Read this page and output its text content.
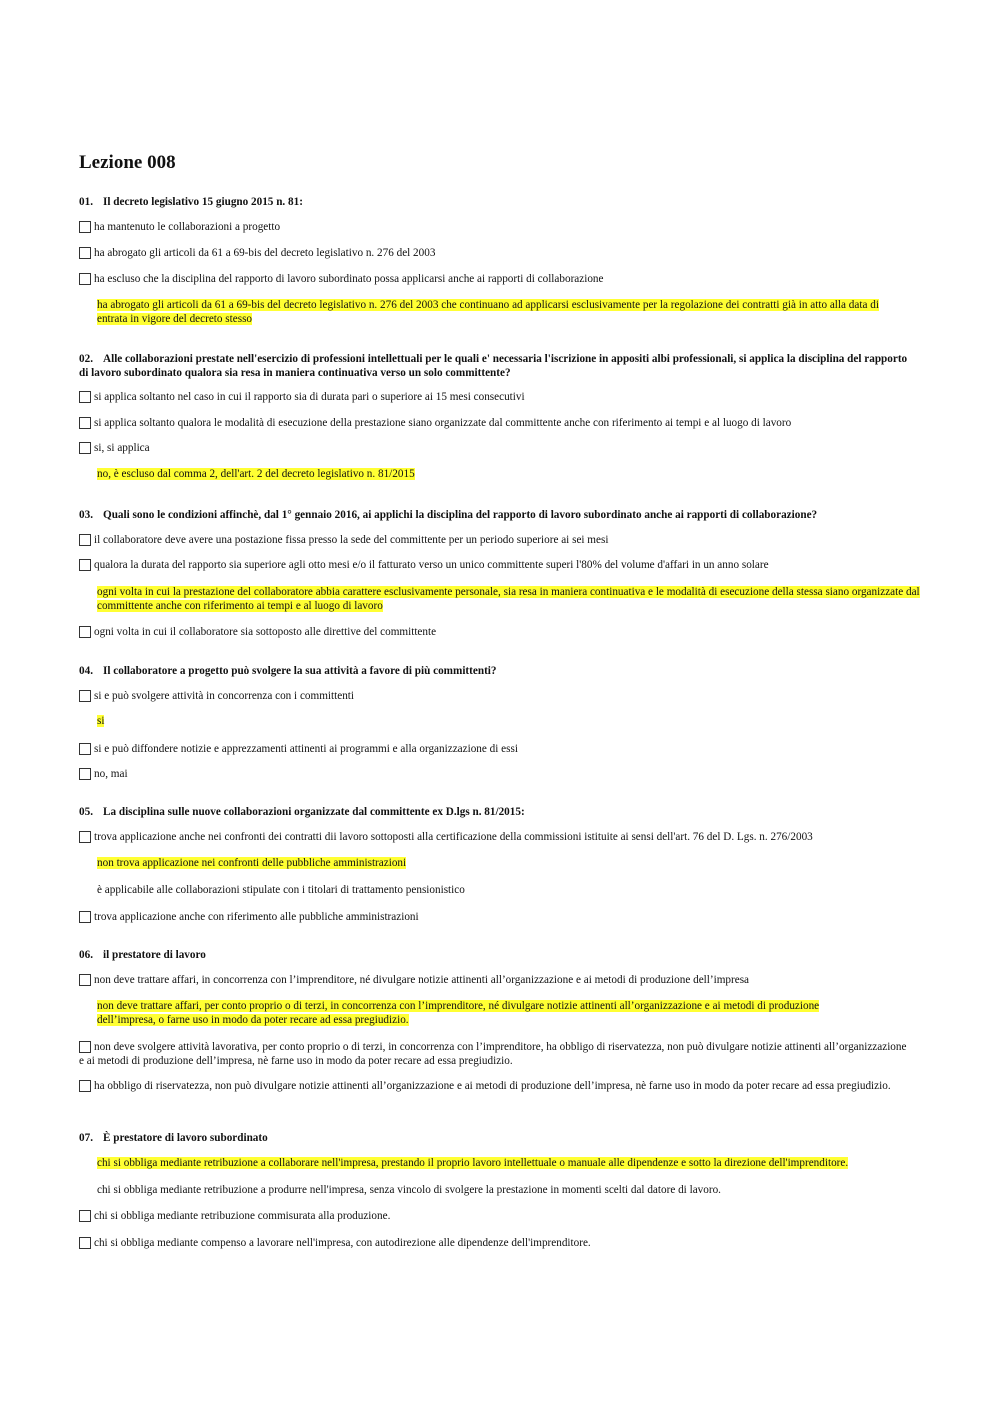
Lezione 008
01. Il decreto legislativo 15 giugno 2015 n. 81:
ha mantenuto le collaborazioni a progetto
ha abrogato gli articoli da 61 a 69-bis del decreto legislativo n. 276 del 2003
ha escluso che la disciplina del rapporto di lavoro subordinato possa applicarsi anche ai rapporti di collaborazione
ha abrogato gli articoli da 61 a 69-bis del decreto legislativo n. 276 del 2003 che continuano ad applicarsi esclusivamente per la regolazione dei contratti già in atto alla data di entrata in vigore del decreto stesso
02. Alle collaborazioni prestate nell'esercizio di professioni intellettuali per le quali e' necessaria l'iscrizione in appositi albi professionali, si applica la disciplina del rapporto di lavoro subordinato qualora sia resa in maniera continuativa verso un solo committente?
si applica soltanto nel caso in cui il rapporto sia di durata pari o superiore ai 15 mesi consecutivi
si applica soltanto qualora le modalità di esecuzione della prestazione siano organizzate dal committente anche con riferimento ai tempi e al luogo di lavoro
si, si applica
no, è escluso dal comma 2, dell'art. 2 del decreto legislativo n. 81/2015
03. Quali sono le condizioni affinchè, dal 1° gennaio 2016, ai applichi la disciplina del rapporto di lavoro subordinato anche ai rapporti di collaborazione?
il collaboratore deve avere una postazione fissa presso la sede del committente per un periodo superiore ai sei mesi
qualora la durata del rapporto sia superiore agli otto mesi e/o il fatturato verso un unico committente superi l'80% del volume d'affari in un anno solare
ogni volta in cui la prestazione del collaboratore abbia carattere esclusivamente personale, sia resa in maniera continuativa e le modalità di esecuzione della stessa siano organizzate dal committente anche con riferimento ai tempi e al luogo di lavoro
ogni volta in cui il collaboratore sia sottoposto alle direttive del committente
04. Il collaboratore a progetto può svolgere la sua attività a favore di più committenti?
si e può svolgere attività in concorrenza con i committenti
si
si e può diffondere notizie e apprezzamenti attinenti ai programmi e alla organizzazione di essi
no, mai
05. La disciplina sulle nuove collaborazioni organizzate dal committente ex D.lgs n. 81/2015:
trova applicazione anche nei confronti dei contratti dii lavoro sottoposti alla certificazione della commissioni istituite ai sensi dell'art. 76 del D. Lgs. n. 276/2003
non trova applicazione nei confronti delle pubbliche amministrazioni
è applicabile alle collaborazioni stipulate con i titolari di trattamento pensionistico
trova applicazione anche con riferimento alle pubbliche amministrazioni
06. il prestatore di lavoro
non deve trattare affari, in concorrenza con l’imprenditore, né divulgare notizie attinenti all’organizzazione e ai metodi di produzione dell’impresa
non deve trattare affari, per conto proprio o di terzi, in concorrenza con l’imprenditore, né divulgare notizie attinenti all’organizzazione e ai metodi di produzione dell’impresa, o farne uso in modo da poter recare ad essa pregiudizio.
non deve svolgere attività lavorativa, per conto proprio o di terzi, in concorrenza con l’imprenditore, ha obbligo di riservatezza, non può divulgare notizie attinenti all’organizzazione e ai metodi di produzione dell’impresa, nè farne uso in modo da poter recare ad essa pregiudizio.
ha obbligo di riservatezza, non può divulgare notizie attinenti all’organizzazione e ai metodi di produzione dell’impresa, nè farne uso in modo da poter recare ad essa pregiudizio.
07. È prestatore di lavoro subordinato
chi si obbliga mediante retribuzione a collaborare nell'impresa, prestando il proprio lavoro intellettuale o manuale alle dipendenze e sotto la direzione dell'imprenditore.
chi si obbliga mediante retribuzione a produrre nell'impresa, senza vincolo di svolgere la prestazione in momenti scelti dal datore di lavoro.
chi si obbliga mediante retribuzione commisurata alla produzione.
chi si obbliga mediante compenso a lavorare nell'impresa, con autodirezione alle dipendenze dell'imprenditore.
